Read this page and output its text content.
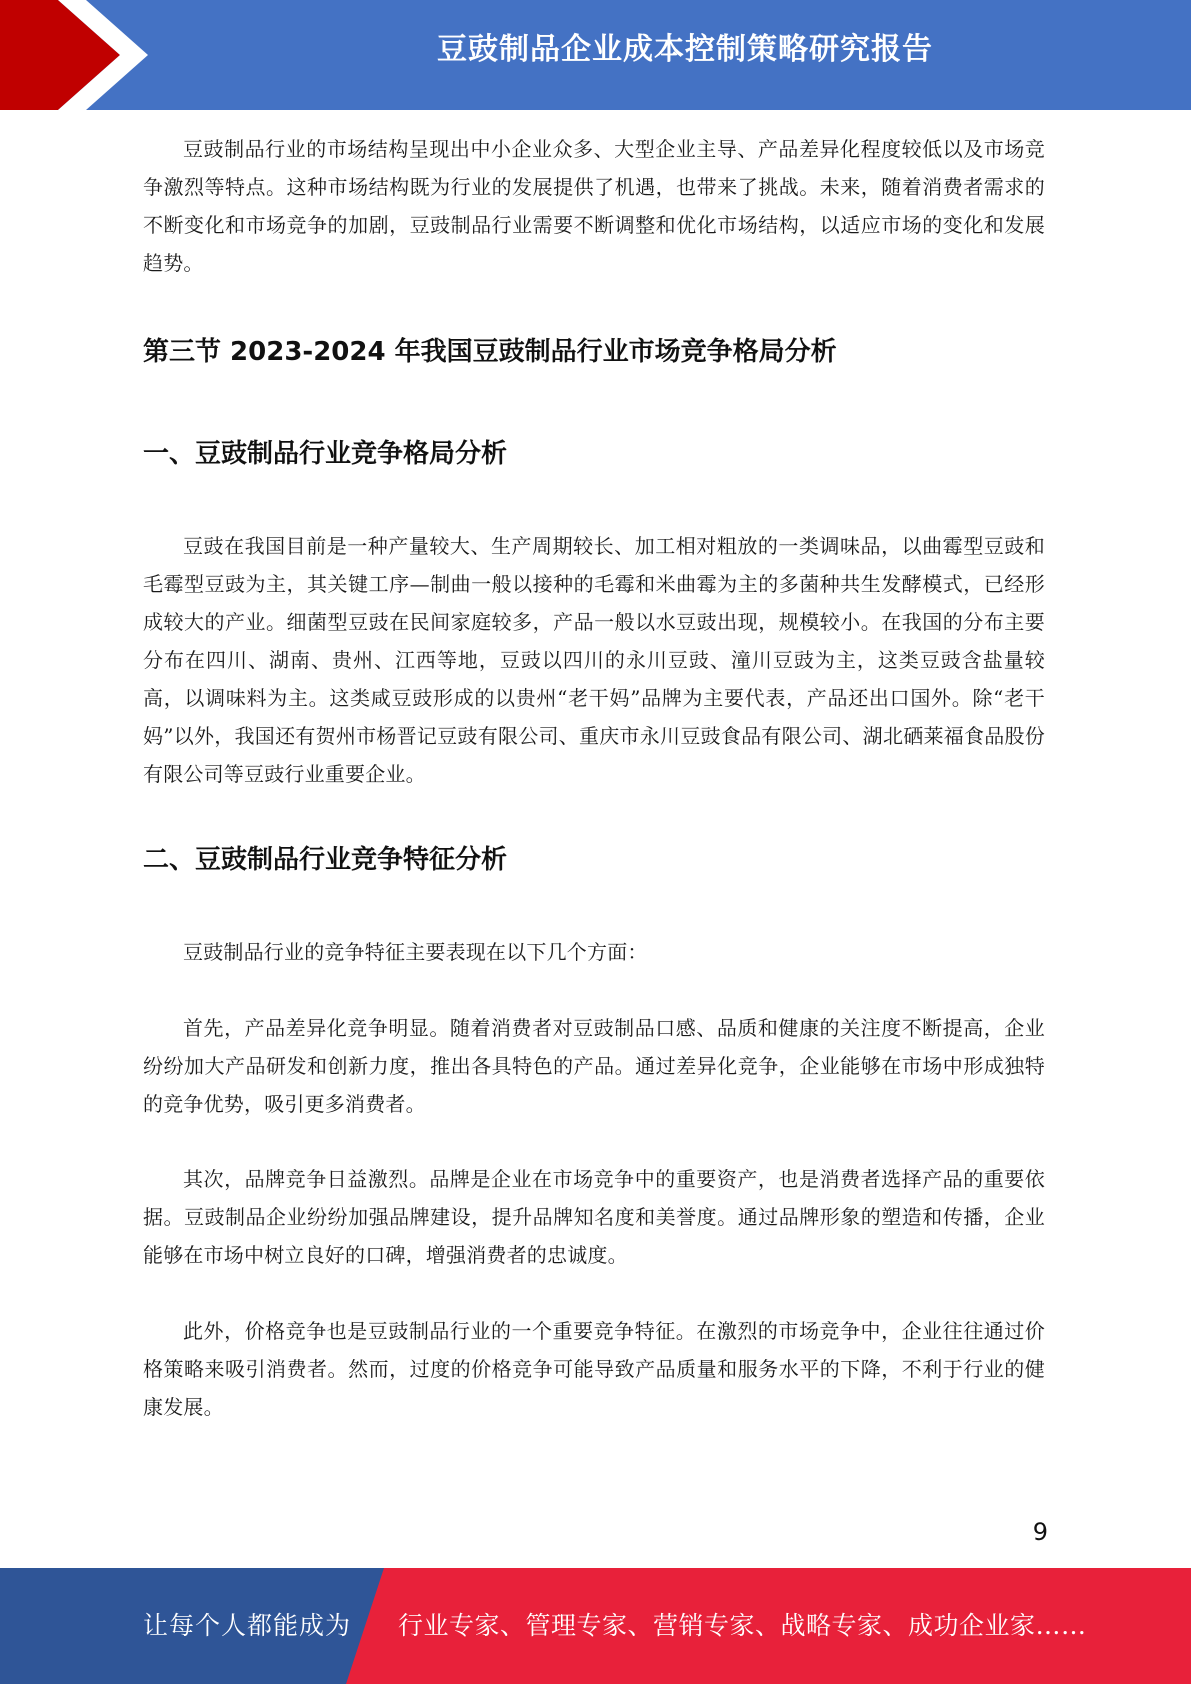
豆豉制品企业成本控制策略研究报告

豆豉制品行业的市场结构呈现出中小企业众多、大型企业主导、产品差异化程度较低以及市场竞争激烈等特点。这种市场结构既为行业的发展提供了机遇，也带来了挑战。未来，随着消费者需求的不断变化和市场竞争的加剧，豆豉制品行业需要不断调整和优化市场结构，以适应市场的变化和发展趋势。

第三节 2023-2024 年我国豆豉制品行业市场竞争格局分析
一、豆豉制品行业竞争格局分析

豆豉在我国目前是一种产量较大、生产周期较长、加工相对粗放的一类调味品，以曲霉型豆豉和毛霉型豆豉为主，其关键工序—制曲一般以接种的毛霉和米曲霉为主的多菌种共生发酵模式，已经形成较大的产业。细菌型豆豉在民间家庭较多，产品一般以水豆豉出现，规模较小。在我国的分布主要分布在四川、湖南、贵州、江西等地，豆豉以四川的永川豆豉、潼川豆豉为主，这类豆豉含盐量较高，以调味料为主。这类咸豆豉形成的以贵州“老干妈”品牌为主要代表，产品还出口国外。除“老干妈”以外，我国还有贺州市杨晋记豆豉有限公司、重庆市永川豆豉食品有限公司、湖北硒莱福食品股份有限公司等豆豉行业重要企业。

二、豆豉制品行业竞争特征分析

豆豉制品行业的竞争特征主要表现在以下几个方面：

首先，产品差异化竞争明显。随着消费者对豆豉制品口感、品质和健康的关注度不断提高，企业纷纷加大产品研发和创新力度，推出各具特色的产品。通过差异化竞争，企业能够在市场中形成独特的竞争优势，吸引更多消费者。

其次，品牌竞争日益激烈。品牌是企业在市场竞争中的重要资产，也是消费者选择产品的重要依据。豆豉制品企业纷纷加强品牌建设，提升品牌知名度和美誉度。通过品牌形象的塑造和传播，企业能够在市场中树立良好的口碑，增强消费者的忠诚度。

此外，价格竞争也是豆豉制品行业的一个重要竞争特征。在激烈的市场竞争中，企业往往通过价格策略来吸引消费者。然而，过度的价格竞争可能导致产品质量和服务水平的下降，不利于行业的健康发展。

9
让每个人都能成为 行业专家、管理专家、营销专家、战略专家、成功企业家……
